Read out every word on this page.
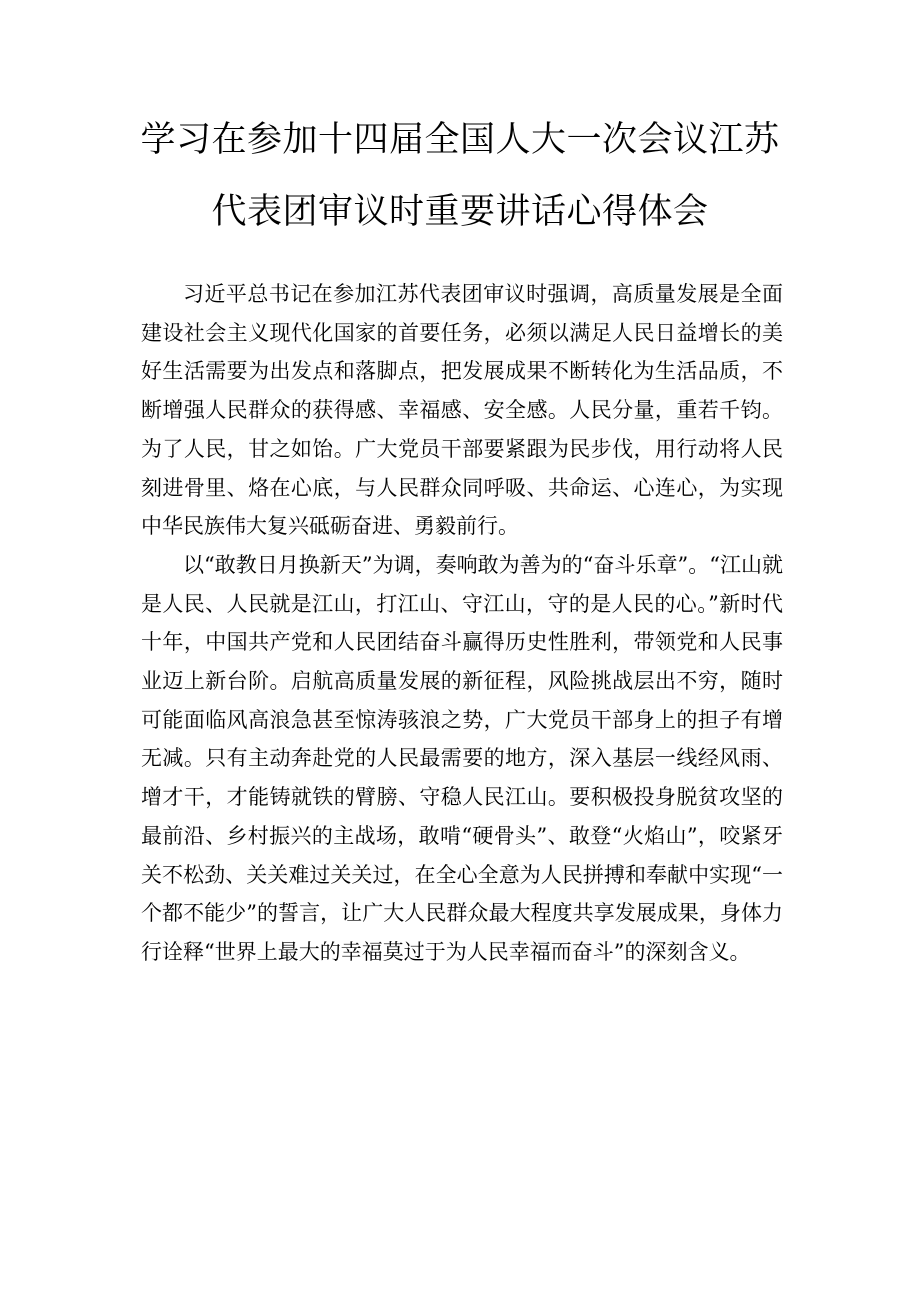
学习在参加十四届全国人大一次会议江苏
代表团审议时重要讲话心得体会

习近平总书记在参加江苏代表团审议时强调，高质量发展是全面建设社会主义现代化国家的首要任务，必须以满足人民日益增长的美好生活需要为出发点和落脚点，把发展成果不断转化为生活品质，不断增强人民群众的获得感、幸福感、安全感。人民分量，重若千钧。为了人民，甘之如饴。广大党员干部要紧跟为民步伐，用行动将人民刻进骨里、烙在心底，与人民群众同呼吸、共命运、心连心，为实现中华民族伟大复兴砥砺奋进、勇毅前行。

以“敢教日月换新天”为调，奏响敢为善为的“奋斗乐章”。“江山就是人民、人民就是江山，打江山、守江山，守的是人民的心。”新时代十年，中国共产党和人民团结奋斗赢得历史性胜利，带领党和人民事业迈上新台阶。启航高质量发展的新征程，风险挑战层出不穷，随时可能面临风高浪急甚至惊涛骇浪之势，广大党员干部身上的担子有增无减。只有主动奔赴党的人民最需要的地方，深入基层一线经风雨、增才干，才能铸就铁的臂膀、守稳人民江山。要积极投身脱贫攻坚的最前沿、乡村振兴的主战场，敢啃“硬骨头”、敢登“火焰山”，咬紧牙关不松劲、关关难过关关过，在全心全意为人民拼搏和奉献中实现“一个都不能少”的誓言，让广大人民群众最大程度共享发展成果，身体力行诠释“世界上最大的幸福莫过于为人民幸福而奋斗”的深刻含义。
